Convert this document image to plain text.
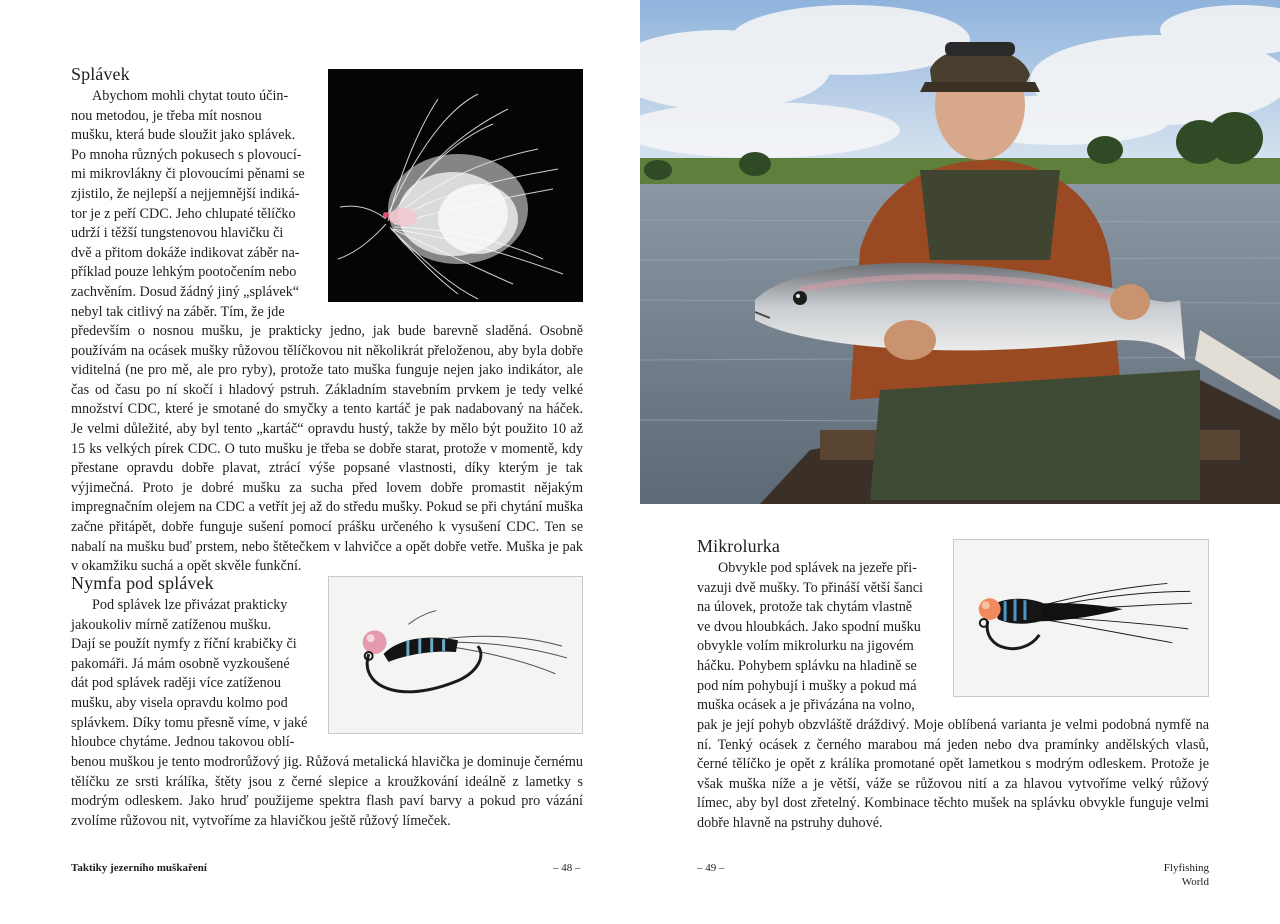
Splávek

Abychom mohli chytat touto účin-

nou metodou, je třeba mít nosnou

mušku, která bude sloužit jako splávek.

Po mnoha různých pokusech s plovoucí-

mi mikrovlákny či plovoucími pěnami se

zjistilo, že nejlepší a nejjemnější indiká-

tor je z peří CDC. Jeho chlupaté tělíčko

udrží i těžší tungstenovou hlavičku či

dvě a přitom dokáže indikovat záběr na-

příklad pouze lehkým pootočením nebo

zachvěním. Dosud žádný jiný „splávek“

nebyl tak citlivý na záběr. Tím, že jde

především o nosnou mušku, je prakticky jedno, jak bude barevně sladěná. Osobně používám na ocásek mušky růžovou tělíčkovou nit několikrát přeloženou, aby byla dobře viditelná (ne pro mě, ale pro ryby), protože tato muška funguje nejen jako indikátor, ale čas od času po ní skočí i hladový pstruh. Základním stavebním prvkem je tedy velké množství CDC, které je smotané do smyčky a tento kartáč je pak nadabovaný na háček. Je velmi důležité, aby byl tento „kartáč“ opravdu hustý, takže by mělo být použito 10 až 15 ks velkých pírek CDC. O tuto mušku je třeba se dobře starat, protože v momentě, kdy přestane opravdu dobře plavat, ztrácí výše popsané vlastnosti, díky kterým je tak výjimečná. Proto je dobré mušku za sucha před lovem dobře promastit nějakým impregnačním olejem na CDC a vetřít jej až do středu mušky. Pokud se při chytání muška začne přitápět, dobře funguje sušení pomocí prášku určeného k vysušení CDC. Ten se nabalí na mušku buď prstem, nebo štětečkem v lahvičce a opět dobře vetře. Muška je pak v okamžiku suchá a opět skvěle funkční.

Nymfa pod splávek

Pod splávek lze přivázat prakticky

jakoukoliv mírně zatíženou mušku.

Dají se použít nymfy z říční krabičky či

pakomáři. Já mám osobně vyzkoušené

dát pod splávek raději více zatíženou

mušku, aby visela opravdu kolmo pod

splávkem. Díky tomu přesně víme, v jaké

hloubce chytáme. Jednou takovou oblí-

benou muškou je tento modrorůžový jig. Růžová metalická hlavička je dominuje černému tělíčku ze srsti králíka, štěty jsou z černé slepice a kroužkování ideálně z lametky s modrým odleskem. Jako hruď použijeme spektra flash paví barvy a pokud pro vázání zvolíme růžovou nit, vytvoříme za hlavičkou ještě růžový límeček.

Taktiky jezerního muškaření	– 48 –
Mikrolurka

Obvykle pod splávek na jezeře při-

vazuji dvě mušky. To přináší větší šanci

na úlovek, protože tak chytám vlastně

ve dvou hloubkách. Jako spodní mušku

obvykle volím mikrolurku na jigovém

háčku. Pohybem splávku na hladině se

pod ním pohybují i mušky a pokud má

muška ocásek a je přivázána na volno,

pak je její pohyb obzvláště dráždivý. Moje oblíbená varianta je velmi podobná nymfě na ní. Tenký ocásek z černého marabou má jeden nebo dva pramínky andělských vlasů, černé tělíčko je opět z králíka promotané opět lametkou s modrým odleskem. Protože je však muška níže a je větší, váže se růžovou nití a za hlavou vytvoříme velký růžový límec, aby byl dost zřetelný. Kombinace těchto mušek na splávku obvykle funguje velmi dobře hlavně na pstruhy duhové.

– 49 –	Flyfishing World
